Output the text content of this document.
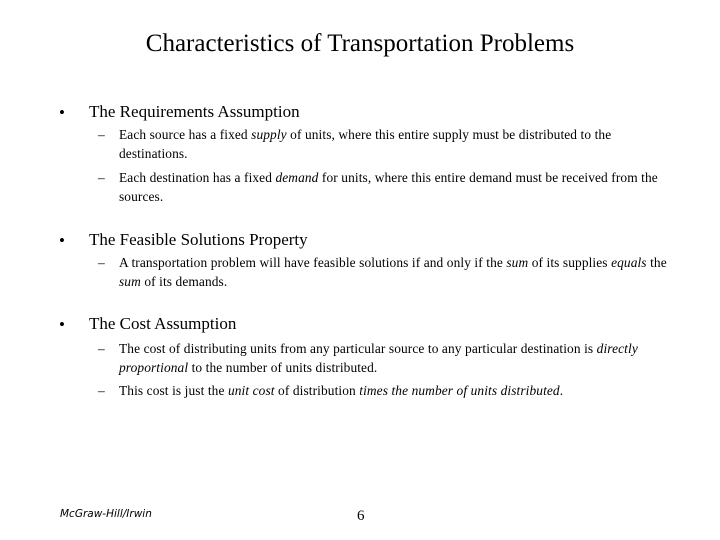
Characteristics of Transportation Problems
• The Requirements Assumption
–	Each source has a fixed supply of units, where this entire supply must be distributed to the destinations.
–	Each destination has a fixed demand for units, where this entire demand must be received from the sources.
• The Feasible Solutions Property
–	A transportation problem will have feasible solutions if and only if the sum of its supplies equals the sum of its demands.
• The Cost Assumption
–	The cost of distributing units from any particular source to any particular destination is directly proportional to the number of units distributed.
–	This cost is just the unit cost of distribution times the number of units distributed.
McGraw-Hill/Irwin	6
